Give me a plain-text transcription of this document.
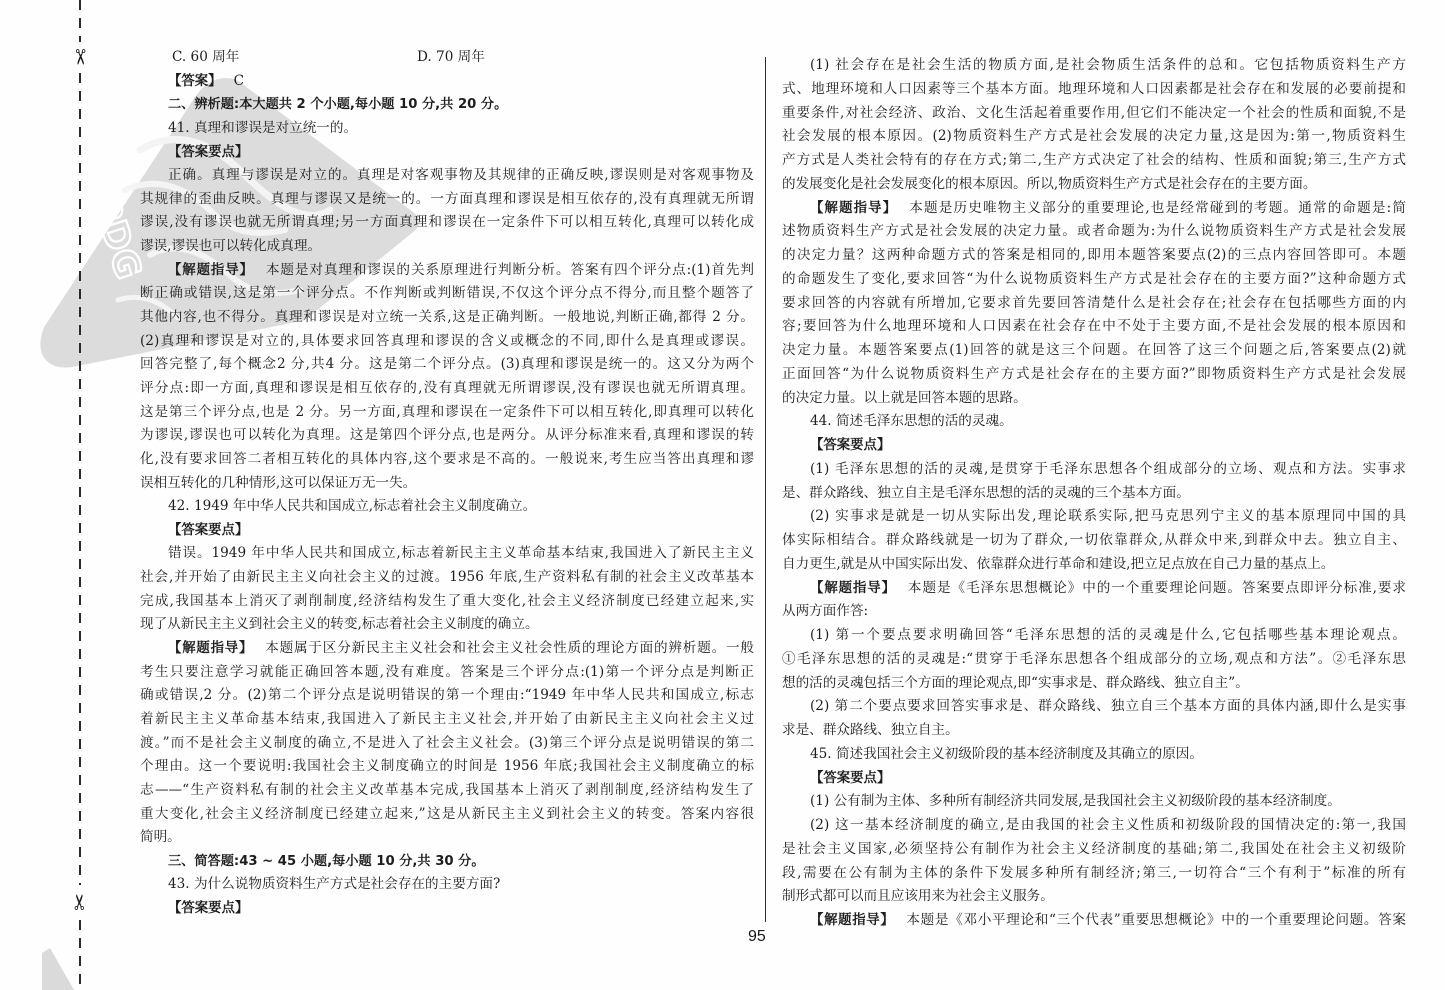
PDG
✂
✂
C. 60 周年	D. 70 周年
【答案】 C
二、辨析题:本大题共 2 个小题,每小题 10 分,共 20 分。
41. 真理和谬误是对立统一的。
【答案要点】
正确。真理与谬误是对立的。真理是对客观事物及其规律的正确反映,谬误则是对客观事物及
其规律的歪曲反映。真理与谬误又是统一的。一方面真理和谬误是相互依存的,没有真理就无所谓
谬误,没有谬误也就无所谓真理;另一方面真理和谬误在一定条件下可以相互转化,真理可以转化成
谬误,谬误也可以转化成真理。
【解题指导】 本题是对真理和谬误的关系原理进行判断分析。答案有四个评分点:(1)首先判
断正确或错误,这是第一个评分点。不作判断或判断错误,不仅这个评分点不得分,而且整个题答了
其他内容,也不得分。真理和谬误是对立统一关系,这是正确判断。一般地说,判断正确,都得 2 分。
(2)真理和谬误是对立的,具体要求回答真理和谬误的含义或概念的不同,即什么是真理或谬误。
回答完整了,每个概念2 分,共4 分。这是第二个评分点。(3)真理和谬误是统一的。这又分为两个
评分点:即一方面,真理和谬误是相互依存的,没有真理就无所谓谬误,没有谬误也就无所谓真理。
这是第三个评分点,也是 2 分。另一方面,真理和谬误在一定条件下可以相互转化,即真理可以转化
为谬误,谬误也可以转化为真理。这是第四个评分点,也是两分。从评分标准来看,真理和谬误的转
化,没有要求回答二者相互转化的具体内容,这个要求是不高的。一般说来,考生应当答出真理和谬
误相互转化的几种情形,这可以保证万无一失。
42. 1949 年中华人民共和国成立,标志着社会主义制度确立。
【答案要点】
错误。1949 年中华人民共和国成立,标志着新民主主义革命基本结束,我国进入了新民主主义
社会,并开始了由新民主主义向社会主义的过渡。1956 年底,生产资料私有制的社会主义改革基本
完成,我国基本上消灭了剥削制度,经济结构发生了重大变化,社会主义经济制度已经建立起来,实
现了从新民主主义到社会主义的转变,标志着社会主义制度的确立。
【解题指导】 本题属于区分新民主主义社会和社会主义社会性质的理论方面的辨析题。一般
考生只要注意学习就能正确回答本题,没有难度。答案是三个评分点:(1)第一个评分点是判断正
确或错误,2 分。(2)第二个评分点是说明错误的第一个理由:“1949 年中华人民共和国成立,标志
着新民主主义革命基本结束,我国进入了新民主主义社会,并开始了由新民主主义向社会主义过
渡。”而不是社会主义制度的确立,不是进入了社会主义社会。(3)第三个评分点是说明错误的第二
个理由。这一个要说明:我国社会主义制度确立的时间是 1956 年底;我国社会主义制度确立的标
志——“生产资料私有制的社会主义改革基本完成,我国基本上消灭了剥削制度,经济结构发生了
重大变化,社会主义经济制度已经建立起来,”这是从新民主主义到社会主义的转变。答案内容很
简明。
三、简答题:43 ~ 45 小题,每小题 10 分,共 30 分。
43. 为什么说物质资料生产方式是社会存在的主要方面?
【答案要点】
(1) 社会存在是社会生活的物质方面,是社会物质生活条件的总和。它包括物质资料生产方
式、地理环境和人口因素等三个基本方面。地理环境和人口因素都是社会存在和发展的必要前提和
重要条件,对社会经济、政治、文化生活起着重要作用,但它们不能决定一个社会的性质和面貌,不是
社会发展的根本原因。(2)物质资料生产方式是社会发展的决定力量,这是因为:第一,物质资料生
产方式是人类社会特有的存在方式;第二,生产方式决定了社会的结构、性质和面貌;第三,生产方式
的发展变化是社会发展变化的根本原因。所以,物质资料生产方式是社会存在的主要方面。
【解题指导】 本题是历史唯物主义部分的重要理论,也是经常碰到的考题。通常的命题是:简
述物质资料生产方式是社会发展的决定力量。或者命题为:为什么说物质资料生产方式是社会发展
的决定力量？这两种命题方式的答案是相同的,即用本题答案要点(2)的三点内容回答即可。本题
的命题发生了变化,要求回答“为什么说物质资料生产方式是社会存在的主要方面?”这种命题方式
要求回答的内容就有所增加,它要求首先要回答清楚什么是社会存在;社会存在包括哪些方面的内
容;要回答为什么地理环境和人口因素在社会存在中不处于主要方面,不是社会发展的根本原因和
决定力量。本题答案要点(1)回答的就是这三个问题。在回答了这三个问题之后,答案要点(2)就
正面回答“为什么说物质资料生产方式是社会存在的主要方面?”即物质资料生产方式是社会发展
的决定力量。以上就是回答本题的思路。
44. 简述毛泽东思想的活的灵魂。
【答案要点】
(1) 毛泽东思想的活的灵魂,是贯穿于毛泽东思想各个组成部分的立场、观点和方法。实事求
是、群众路线、独立自主是毛泽东思想的活的灵魂的三个基本方面。
(2) 实事求是就是一切从实际出发,理论联系实际,把马克思列宁主义的基本原理同中国的具
体实际相结合。群众路线就是一切为了群众,一切依靠群众,从群众中来,到群众中去。独立自主、
自力更生,就是从中国实际出发、依靠群众进行革命和建设,把立足点放在自己力量的基点上。
【解题指导】 本题是《毛泽东思想概论》中的一个重要理论问题。答案要点即评分标准,要求
从两方面作答:
(1) 第一个要点要求明确回答“毛泽东思想的活的灵魂是什么,它包括哪些基本理论观点。
①毛泽东思想的活的灵魂是:“贯穿于毛泽东思想各个组成部分的立场,观点和方法”。②毛泽东思
想的活的灵魂包括三个方面的理论观点,即“实事求是、群众路线、独立自主”。
(2) 第二个要点要求回答实事求是、群众路线、独立自三个基本方面的具体内涵,即什么是实事
求是、群众路线、独立自主。
45. 简述我国社会主义初级阶段的基本经济制度及其确立的原因。
【答案要点】
(1) 公有制为主体、多种所有制经济共同发展,是我国社会主义初级阶段的基本经济制度。
(2) 这一基本经济制度的确立,是由我国的社会主义性质和初级阶段的国情决定的:第一,我国
是社会主义国家,必须坚持公有制作为社会主义经济制度的基础;第二,我国处在社会主义初级阶
段,需要在公有制为主体的条件下发展多种所有制经济;第三,一切符合“三个有利于”标准的所有
制形式都可以而且应该用来为社会主义服务。
【解题指导】 本题是《邓小平理论和“三个代表”重要思想概论》中的一个重要理论问题。答案
95
